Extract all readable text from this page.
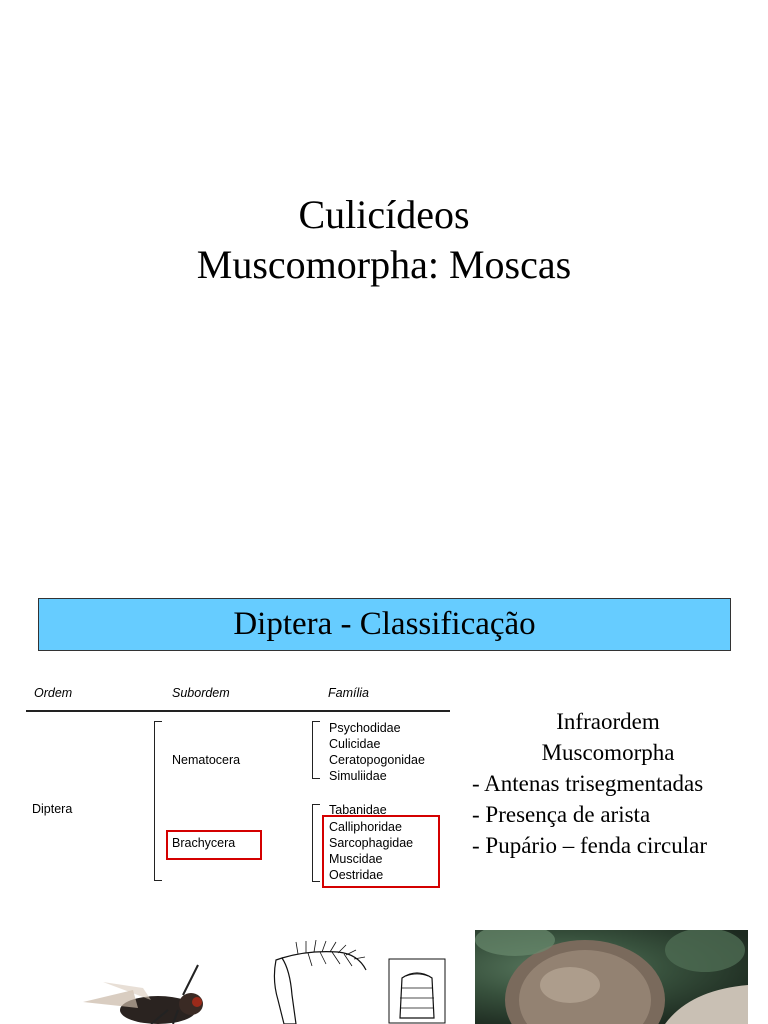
Culicídeos
Muscomorpha: Moscas
Diptera - Classificação
Ordem	Subordem	Família
Diptera
Nematocera
Brachycera
Psychodidae
Culicidae
Ceratopogonidae
Simuliidae
Tabanidae
Calliphoridae
Sarcophagidae
Muscidae
Oestridae
Infraordem
Muscomorpha
- Antenas trisegmentadas
- Presença de arista
- Pupário – fenda circular
